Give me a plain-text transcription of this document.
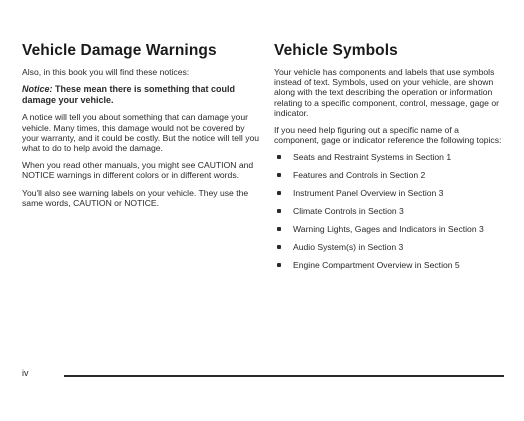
Vehicle Damage Warnings

Also, in this book you will find these notices:

Notice: These mean there is something that could damage your vehicle.

A notice will tell you about something that can damage your vehicle. Many times, this damage would not be covered by your warranty, and it could be costly. But the notice will tell you what to do to help avoid the damage.

When you read other manuals, you might see CAUTION and NOTICE warnings in different colors or in different words.

You'll also see warning labels on your vehicle. They use the same words, CAUTION or NOTICE.

Vehicle Symbols

Your vehicle has components and labels that use symbols instead of text. Symbols, used on your vehicle, are shown along with the text describing the operation or information relating to a specific component, control, message, gage or indicator.

If you need help figuring out a specific name of a component, gage or indicator reference the following topics:

Seats and Restraint Systems in Section 1
Features and Controls in Section 2
Instrument Panel Overview in Section 3
Climate Controls in Section 3
Warning Lights, Gages and Indicators in Section 3
Audio System(s) in Section 3
Engine Compartment Overview in Section 5
iv
